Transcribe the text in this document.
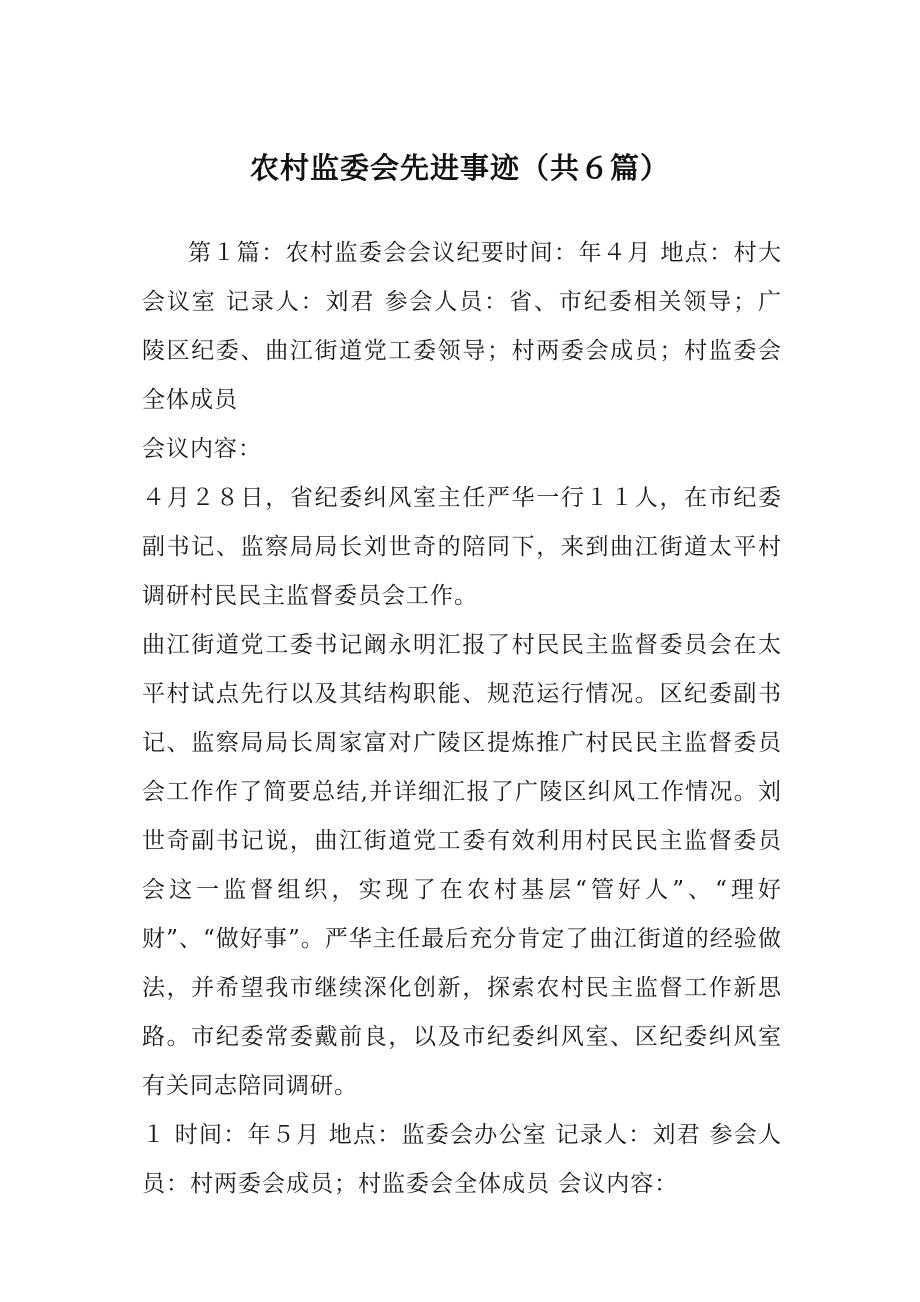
农村监委会先进事迹（共６篇）

第１篇：农村监委会会议纪要时间：年４月 地点：村大会议室 记录人：刘君 参会人员：省、市纪委相关领导；广陵区纪委、曲江街道党工委领导；村两委会成员；村监委会全体成员

会议内容：

４月２８日，省纪委纠风室主任严华一行１１人，在市纪委副书记、监察局局长刘世奇的陪同下，来到曲江街道太平村调研村民民主监督委员会工作。

曲江街道党工委书记阚永明汇报了村民民主监督委员会在太平村试点先行以及其结构职能、规范运行情况。区纪委副书记、监察局局长周家富对广陵区提炼推广村民民主监督委员会工作作了简要总结,并详细汇报了广陵区纠风工作情况。刘世奇副书记说，曲江街道党工委有效利用村民民主监督委员会这一监督组织，实现了在农村基层“管好人”、“理好财”、“做好事”。严华主任最后充分肯定了曲江街道的经验做法，并希望我市继续深化创新，探索农村民主监督工作新思路。市纪委常委戴前良，以及市纪委纠风室、区纪委纠风室有关同志陪同调研。

１ 时间：年５月 地点：监委会办公室 记录人：刘君 参会人员：村两委会成员；村监委会全体成员 会议内容：
